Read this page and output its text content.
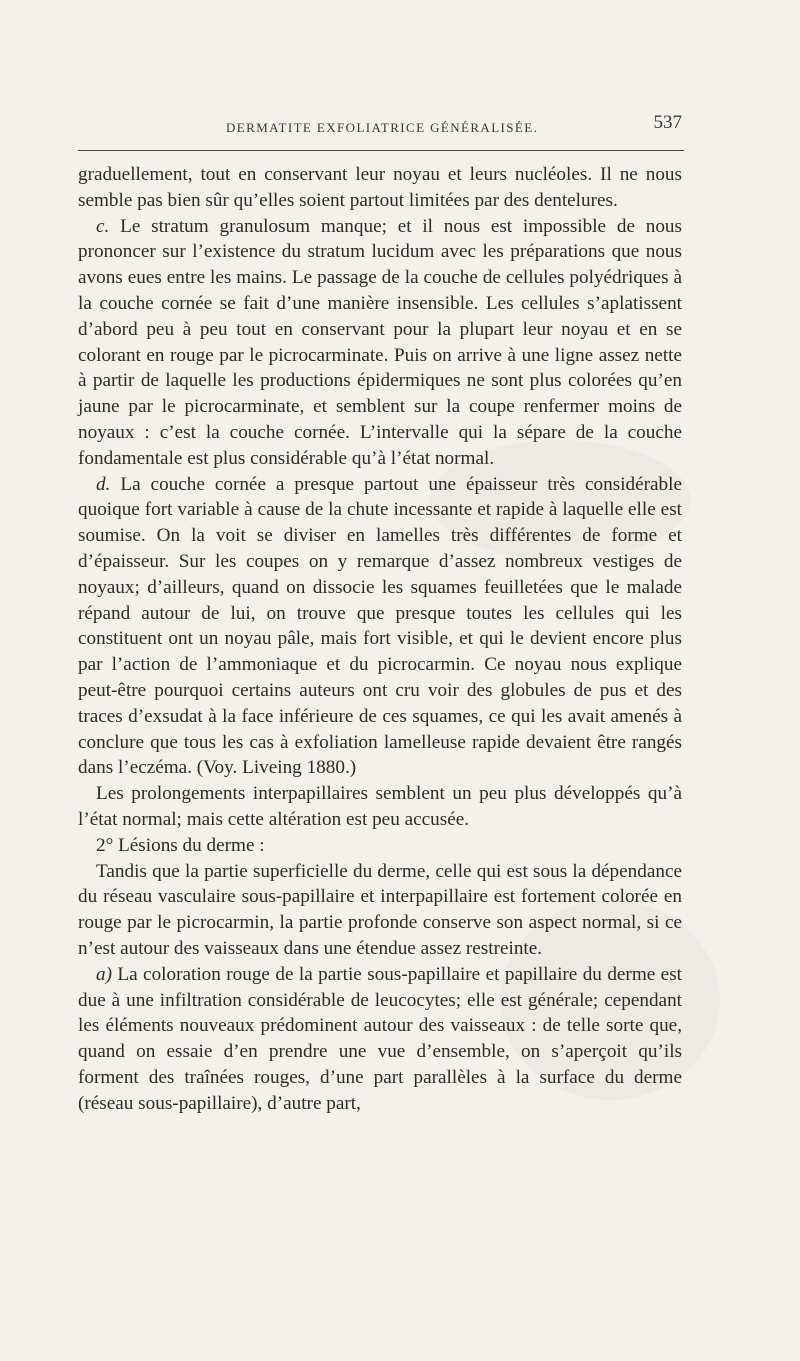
DERMATITE EXFOLIATRICE GÉNÉRALISÉE.	537

graduellement, tout en conservant leur noyau et leurs nucléoles. Il ne nous semble pas bien sûr qu’elles soient partout limitées par des dentelures.

c. Le stratum granulosum manque; et il nous est impossible de nous prononcer sur l’existence du stratum lucidum avec les préparations que nous avons eues entre les mains. Le passage de la couche de cellules polyédriques à la couche cornée se fait d’une manière insensible. Les cellules s’aplatissent d’abord peu à peu tout en conservant pour la plupart leur noyau et en se colorant en rouge par le picrocarminate. Puis on arrive à une ligne assez nette à partir de laquelle les productions épidermiques ne sont plus colorées qu’en jaune par le picrocarminate, et semblent sur la coupe renfermer moins de noyaux : c’est la couche cornée. L’intervalle qui la sépare de la couche fondamentale est plus considérable qu’à l’état normal.

d. La couche cornée a presque partout une épaisseur très considérable quoique fort variable à cause de la chute incessante et rapide à laquelle elle est soumise. On la voit se diviser en lamelles très différentes de forme et d’épaisseur. Sur les coupes on y remarque d’assez nombreux vestiges de noyaux; d’ailleurs, quand on dissocie les squames feuilletées que le malade répand autour de lui, on trouve que presque toutes les cellules qui les constituent ont un noyau pâle, mais fort visible, et qui le devient encore plus par l’action de l’ammoniaque et du picrocarmin. Ce noyau nous explique peut-être pourquoi certains auteurs ont cru voir des globules de pus et des traces d’exsudat à la face inférieure de ces squames, ce qui les avait amenés à conclure que tous les cas à exfoliation lamelleuse rapide devaient être rangés dans l’eczéma. (Voy. Liveing 1880.)

Les prolongements interpapillaires semblent un peu plus développés qu’à l’état normal; mais cette altération est peu accusée.

2° Lésions du derme :

Tandis que la partie superficielle du derme, celle qui est sous la dépendance du réseau vasculaire sous-papillaire et interpapillaire est fortement colorée en rouge par le picrocarmin, la partie profonde conserve son aspect normal, si ce n’est autour des vaisseaux dans une étendue assez restreinte.

a) La coloration rouge de la partie sous-papillaire et papillaire du derme est due à une infiltration considérable de leucocytes; elle est générale; cependant les éléments nouveaux prédominent autour des vaisseaux : de telle sorte que, quand on essaie d’en prendre une vue d’ensemble, on s’aperçoit qu’ils forment des traînées rouges, d’une part parallèles à la surface du derme (réseau sous-papillaire), d’autre part,
